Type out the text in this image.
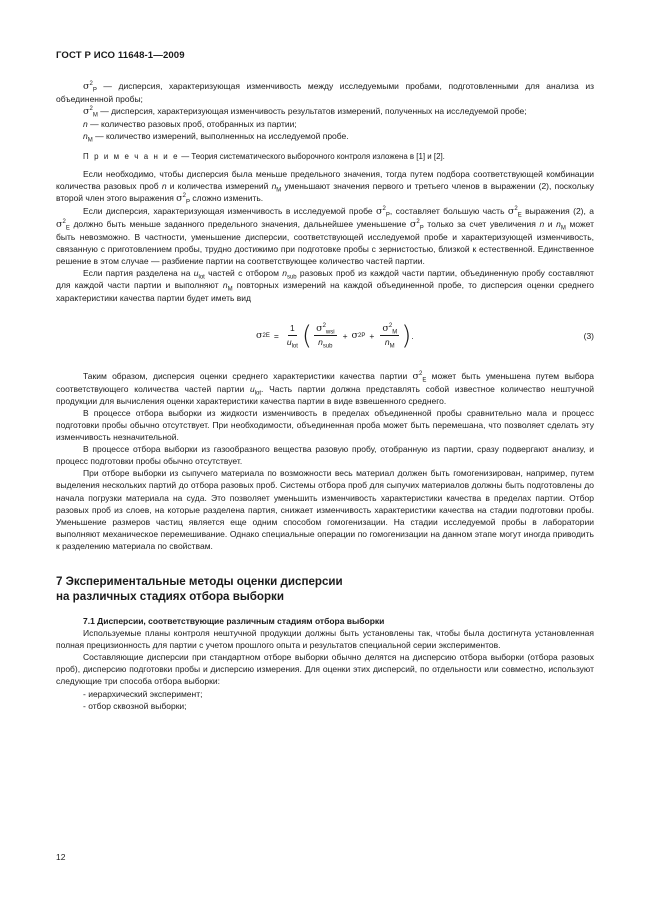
ГОСТ Р ИСО 11648-1—2009

$\sigma^2_P$ — дисперсия, характеризующая изменчивость между исследуемыми пробами, подготовленными для анализа из объединенной пробы;

$\sigma^2_M$ — дисперсия, характеризующая изменчивость результатов измерений, полученных на исследуемой пробе;

n — количество разовых проб, отобранных из партии;

$n_M$ — количество измерений, выполненных на исследуемой пробе.

П р и м е ч а н и е — Теория систематического выборочного контроля изложена в [1] и [2].

Если необходимо, чтобы дисперсия была меньше предельного значения, тогда путем подбора соответствующей комбинации количества разовых проб n и количества измерений $n_M$ уменьшают значения первого и третьего членов в выражении (2), поскольку второй член этого выражения $\sigma^2_P$ сложно изменить.

Если дисперсия, характеризующая изменчивость в исследуемой пробе $\sigma^2_P$, составляет большую часть $\sigma^2_E$ выражения (2), а $\sigma^2_E$ должно быть меньше заданного предельного значения, дальнейшее уменьшение $\sigma^2_P$ только за счет увеличения n и $n_M$ может быть невозможно. В частности, уменьшение дисперсии, соответствующей исследуемой пробе и характеризующей изменчивость, связанную с приготовлением пробы, трудно достижимо при подготовке пробы с зернистостью, близкой к естественной. Единственное решение в этом случае — разбиение партии на соответствующее количество частей партии.

Если партия разделена на $u_{lot}$ частей с отбором $n_{sub}$ разовых проб из каждой части партии, объединенную пробу составляют для каждой части партии и выполняют $n_M$ повторных измерений на каждой объединенной пробе, то дисперсия оценки среднего характеристики качества партии будет иметь вид

σ 2 $E = \frac{1}{u_{lot}}$ ( $\frac{\sigma^2_{wsi}}{n_{sub}} + \sigma$ 2 $P + \frac{\sigma^2_M}{n_M}$ ) .	(3)

Таким образом, дисперсия оценки среднего характеристики качества партии $\sigma^2_E$ может быть уменьшена путем выбора соответствующего количества частей партии $u_{lot}$. Часть партии должна представлять собой известное количество нештучной продукции для вычисления оценки характеристики качества партии в виде взвешенного среднего.

В процессе отбора выборки из жидкости изменчивость в пределах объединенной пробы сравнительно мала и процесс подготовки пробы обычно отсутствует. При необходимости, объединенная проба может быть перемешана, что позволяет сделать эту изменчивость незначительной.

В процессе отбора выборки из газообразного вещества разовую пробу, отобранную из партии, сразу подвергают анализу, и процесс подготовки пробы обычно отсутствует.

При отборе выборки из сыпучего материала по возможности весь материал должен быть гомогенизирован, например, путем выделения нескольких партий до отбора разовых проб. Системы отбора проб для сыпучих материалов должны быть подготовлены до начала погрузки материала на суда. Это позволяет уменьшить изменчивость характеристики качества в пределах партии. Отбор разовых проб из слоев, на которые разделена партия, снижает изменчивость характеристики качества на стадии подготовки пробы. Уменьшение размеров частиц является еще одним способом гомогенизации. На стадии исследуемой пробы в лаборатории выполняют механическое перемешивание. Однако специальные операции по гомогенизации на данном этапе могут иногда приводить к разделению материала по свойствам.

7 Экспериментальные методы оценки дисперсии
на различных стадиях отбора выборки

7.1 Дисперсии, соответствующие различным стадиям отбора выборки

Используемые планы контроля нештучной продукции должны быть установлены так, чтобы была достигнута установленная полная прецизионность для партии с учетом прошлого опыта и результатов специальной серии экспериментов.

Составляющие дисперсии при стандартном отборе выборки обычно делятся на дисперсию отбора выборки (отбора разовых проб), дисперсию подготовки пробы и дисперсию измерения. Для оценки этих дисперсий, по отдельности или совместно, используют следующие три способа отбора выборки:

- иерархический эксперимент;

- отбор сквозной выборки;

12
